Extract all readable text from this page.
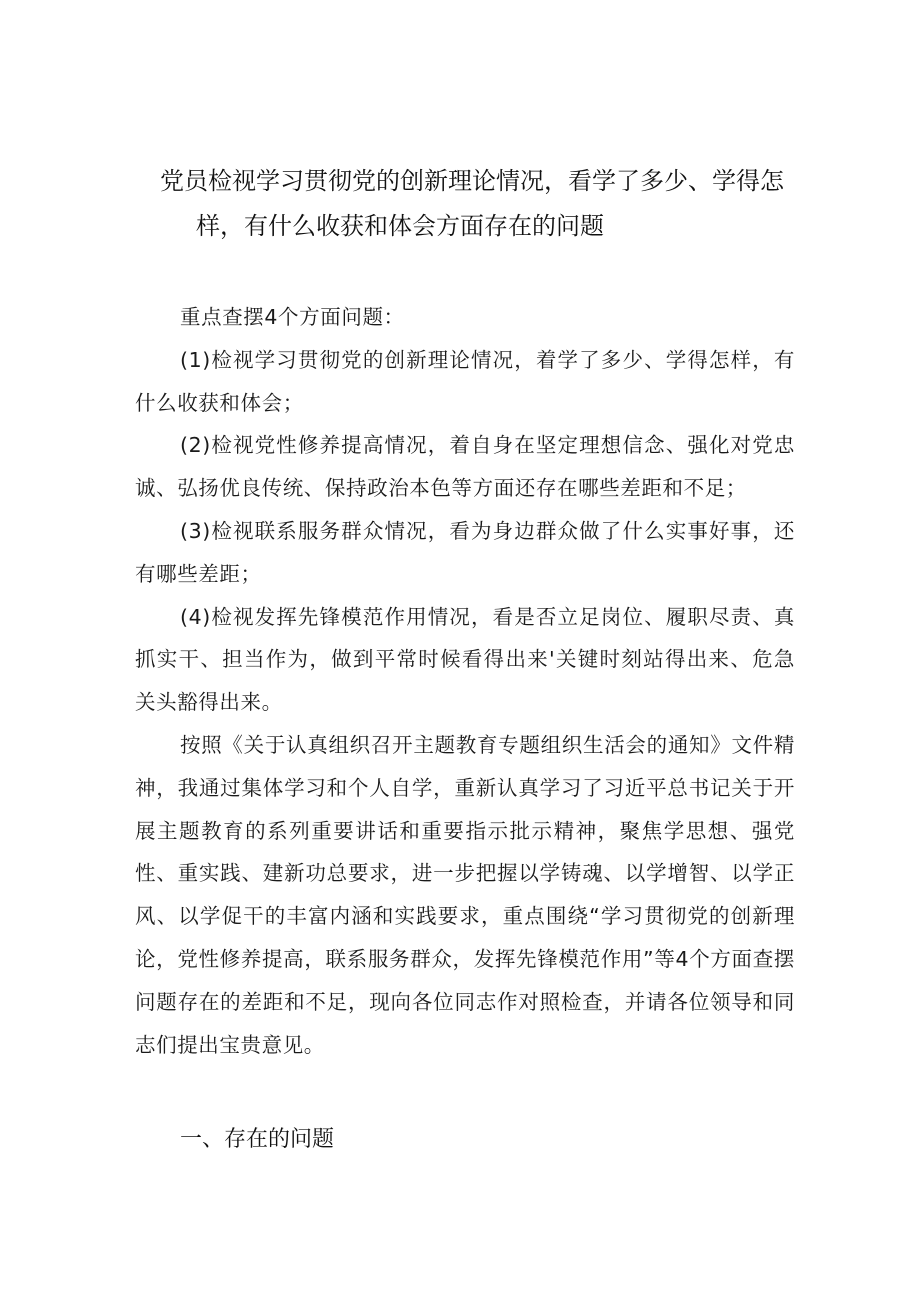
党员检视学习贯彻党的创新理论情况，看学了多少、学得怎
样，有什么收获和体会方面存在的问题

重点查摆4个方面问题：

(1)检视学习贯彻党的创新理论情况，着学了多少、学得怎样，有什么收获和体会；

(2)检视党性修养提高情况，着自身在坚定理想信念、强化对党忠诚、弘扬优良传统、保持政治本色等方面还存在哪些差距和不足；

(3)检视联系服务群众情况，看为身边群众做了什么实事好事，还有哪些差距；

(4)检视发挥先锋模范作用情况，看是否立足岗位、履职尽责、真抓实干、担当作为，做到平常时候看得出来'关键时刻站得出来、危急关头豁得出来。

按照《关于认真组织召开主题教育专题组织生活会的通知》文件精神，我通过集体学习和个人自学，重新认真学习了习近平总书记关于开展主题教育的系列重要讲话和重要指示批示精神，聚焦学思想、强党性、重实践、建新功总要求，进一步把握以学铸魂、以学增智、以学正风、以学促干的丰富内涵和实践要求，重点围绕“学习贯彻党的创新理论，党性修养提高，联系服务群众，发挥先锋模范作用”等4个方面查摆问题存在的差距和不足，现向各位同志作对照检查，并请各位领导和同志们提出宝贵意见。

一、存在的问题
